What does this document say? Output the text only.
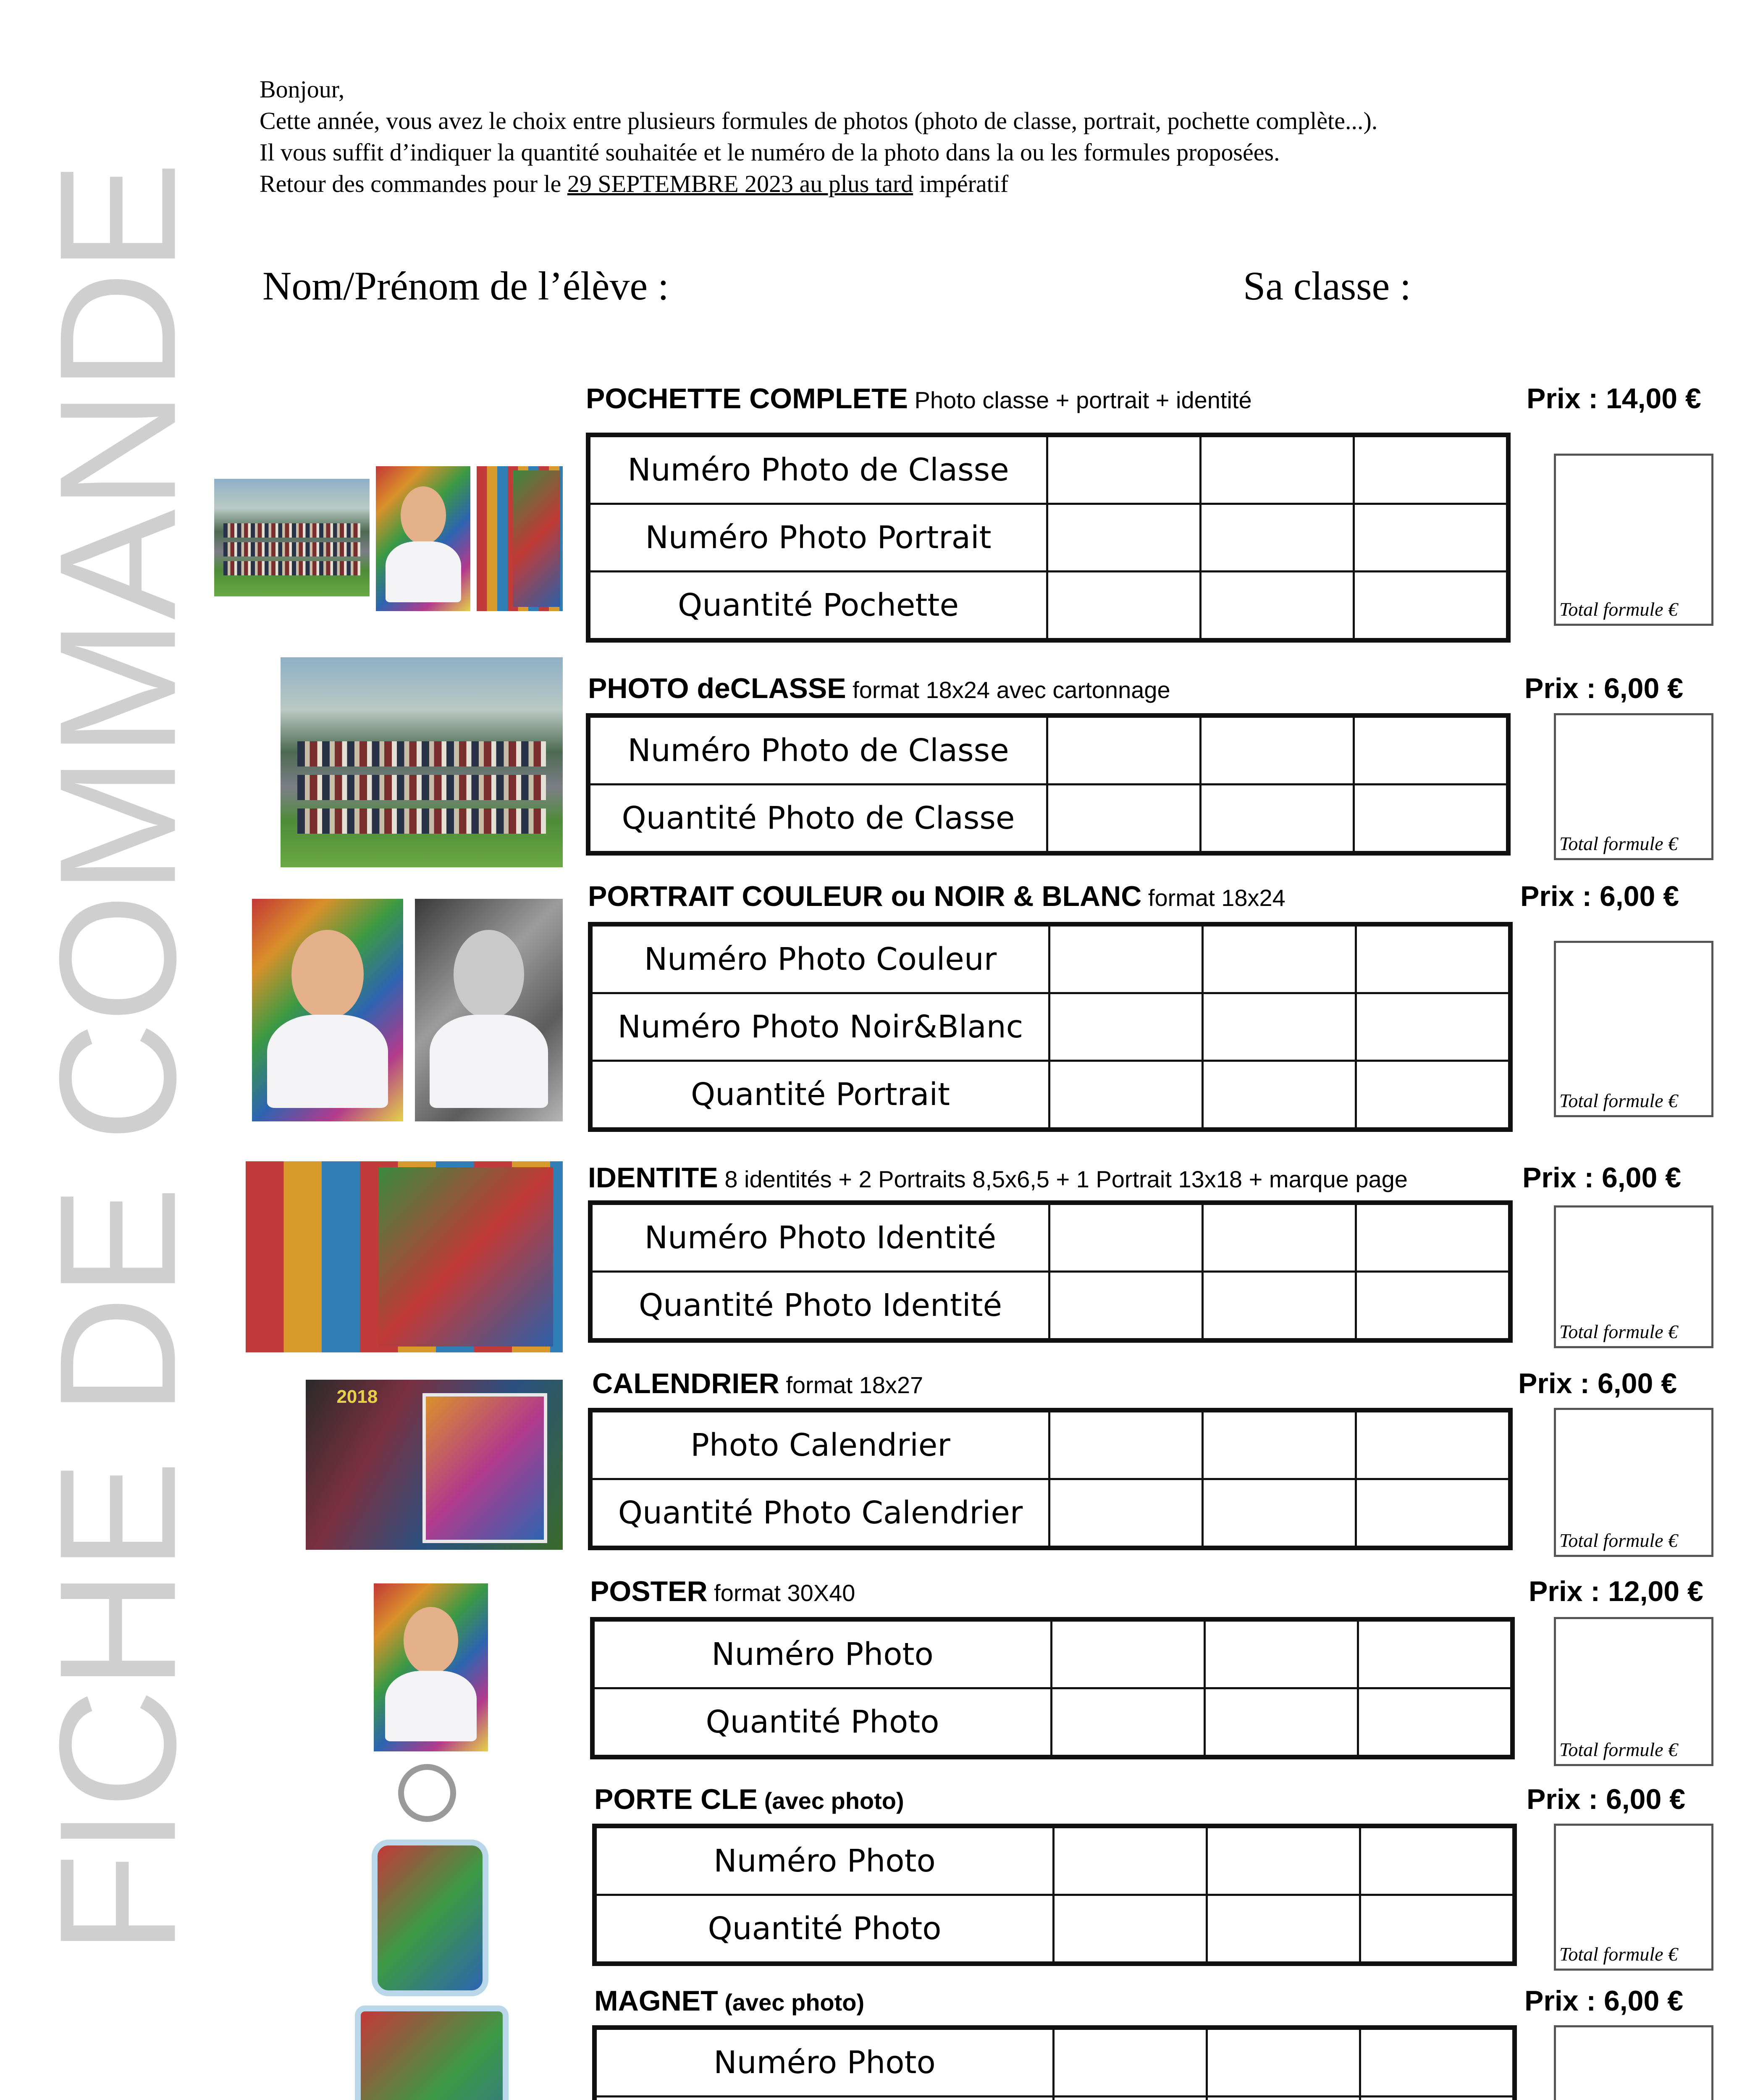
FICHE DE COMMANDE
Bonjour,
Cette année, vous avez le choix entre plusieurs formules de photos (photo de classe, portrait, pochette complète...).
Il vous suffit d’indiquer la quantité souhaitée et le numéro de la photo dans la ou les formules proposées.
Retour des commandes pour le 29 SEPTEMBRE 2023 au plus tard impératif
Nom/Prénom de l’élève :	Sa classe :
POCHETTE COMPLETE Photo classe + portrait + identité	Prix : 14,00 €
Numéro Photo de Classe			
Numéro Photo Portrait			
Quantité Pochette				Total formule €
PHOTO deCLASSE format 18x24 avec cartonnage	Prix : 6,00 €
Numéro Photo de Classe			
Quantité Photo de Classe			
Total formule €
PORTRAIT COULEUR ou NOIR & BLANC format 18x24	Prix : 6,00 €
Numéro Photo Couleur			
Numéro Photo Noir&Blanc			
Quantité Portrait				Total formule €
IDENTITE 8 identités + 2 Portraits 8,5x6,5 + 1 Portrait 13x18 + marque page	Prix : 6,00 €
Numéro Photo Identité			
Quantité Photo Identité			
Total formule €
CALENDRIER format 18x27	Prix : 6,00 €
Photo Calendrier			
Quantité Photo Calendrier			
Total formule €
2018
POSTER format 30X40	Prix : 12,00 €
Numéro Photo			
Quantité Photo			
Total formule €
PORTE CLE (avec photo)	Prix : 6,00 €
Numéro Photo			
Quantité Photo			
Total formule €
MAGNET (avec photo)	Prix : 6,00 €
Numéro Photo			
